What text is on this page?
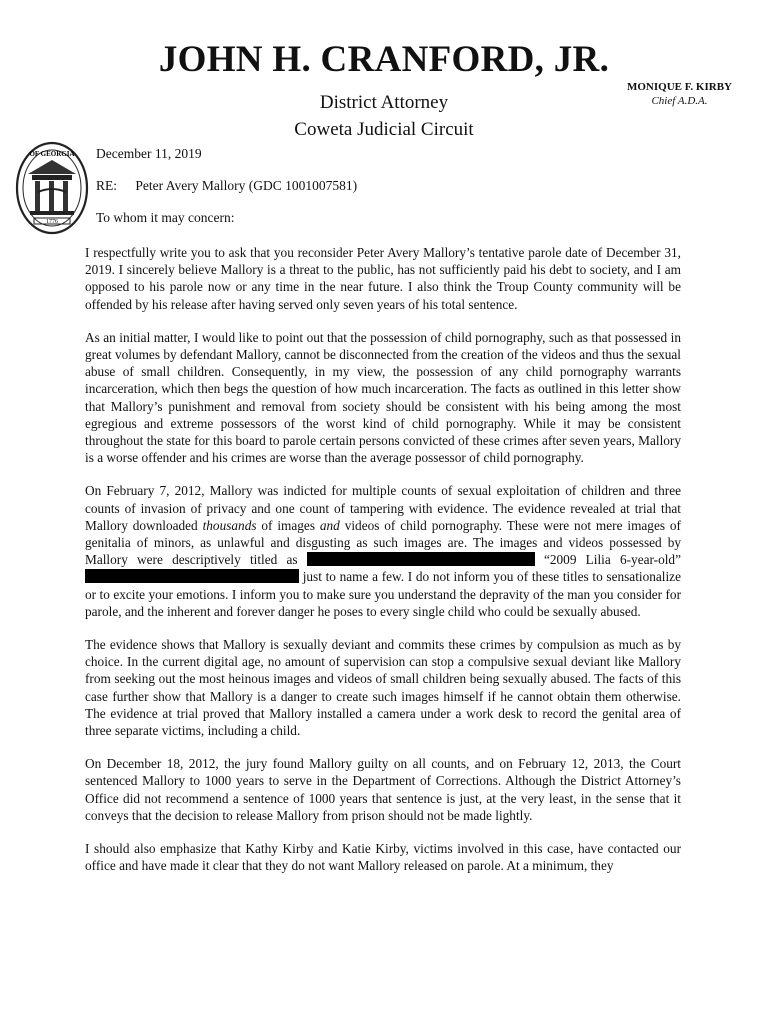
JOHN H. CRANFORD, JR.
District Attorney
Coweta Judicial Circuit
MONIQUE F. KIRBY
Chief A.D.A.
1776
OF GEORGIA December 11, 2019
RE: Peter Avery Mallory (GDC 1001007581)
To whom it may concern:

I respectfully write you to ask that you reconsider Peter Avery Mallory’s tentative parole date of December 31, 2019. I sincerely believe Mallory is a threat to the public, has not sufficiently paid his debt to society, and I am opposed to his parole now or any time in the near future. I also think the Troup County community will be offended by his release after having served only seven years of his total sentence.

As an initial matter, I would like to point out that the possession of child pornography, such as that possessed in great volumes by defendant Mallory, cannot be disconnected from the creation of the videos and thus the sexual abuse of small children. Consequently, in my view, the possession of any child pornography warrants incarceration, which then begs the question of how much incarceration. The facts as outlined in this letter show that Mallory’s punishment and removal from society should be consistent with his being among the most egregious and extreme possessors of the worst kind of child pornography. While it may be consistent throughout the state for this board to parole certain persons convicted of these crimes after seven years, Mallory is a worse offender and his crimes are worse than the average possessor of child pornography.

On February 7, 2012, Mallory was indicted for multiple counts of sexual exploitation of children and three counts of invasion of privacy and one count of tampering with evidence. The evidence revealed at trial that Mallory downloaded thousands of images and videos of child pornography. These were not mere images of genitalia of minors, as unlawful and disgusting as such images are. The images and videos possessed by Mallory were descriptively titled as	“2009 Lilia 6-year-old”  just to name a few. I do not inform you of these titles to sensationalize or to excite your emotions. I inform you to make sure you understand the depravity of the man you consider for parole, and the inherent and forever danger he poses to every single child who could be sexually abused.

The evidence shows that Mallory is sexually deviant and commits these crimes by compulsion as much as by choice. In the current digital age, no amount of supervision can stop a compulsive sexual deviant like Mallory from seeking out the most heinous images and videos of small children being sexually abused. The facts of this case further show that Mallory is a danger to create such images himself if he cannot obtain them otherwise. The evidence at trial proved that Mallory installed a camera under a work desk to record the genital area of three separate victims, including a child.

On December 18, 2012, the jury found Mallory guilty on all counts, and on February 12, 2013, the Court sentenced Mallory to 1000 years to serve in the Department of Corrections. Although the District Attorney’s Office did not recommend a sentence of 1000 years that sentence is just, at the very least, in the sense that it conveys that the decision to release Mallory from prison should not be made lightly.

I should also emphasize that Kathy Kirby and Katie Kirby, victims involved in this case, have contacted our office and have made it clear that they do not want Mallory released on parole. At a minimum, they
